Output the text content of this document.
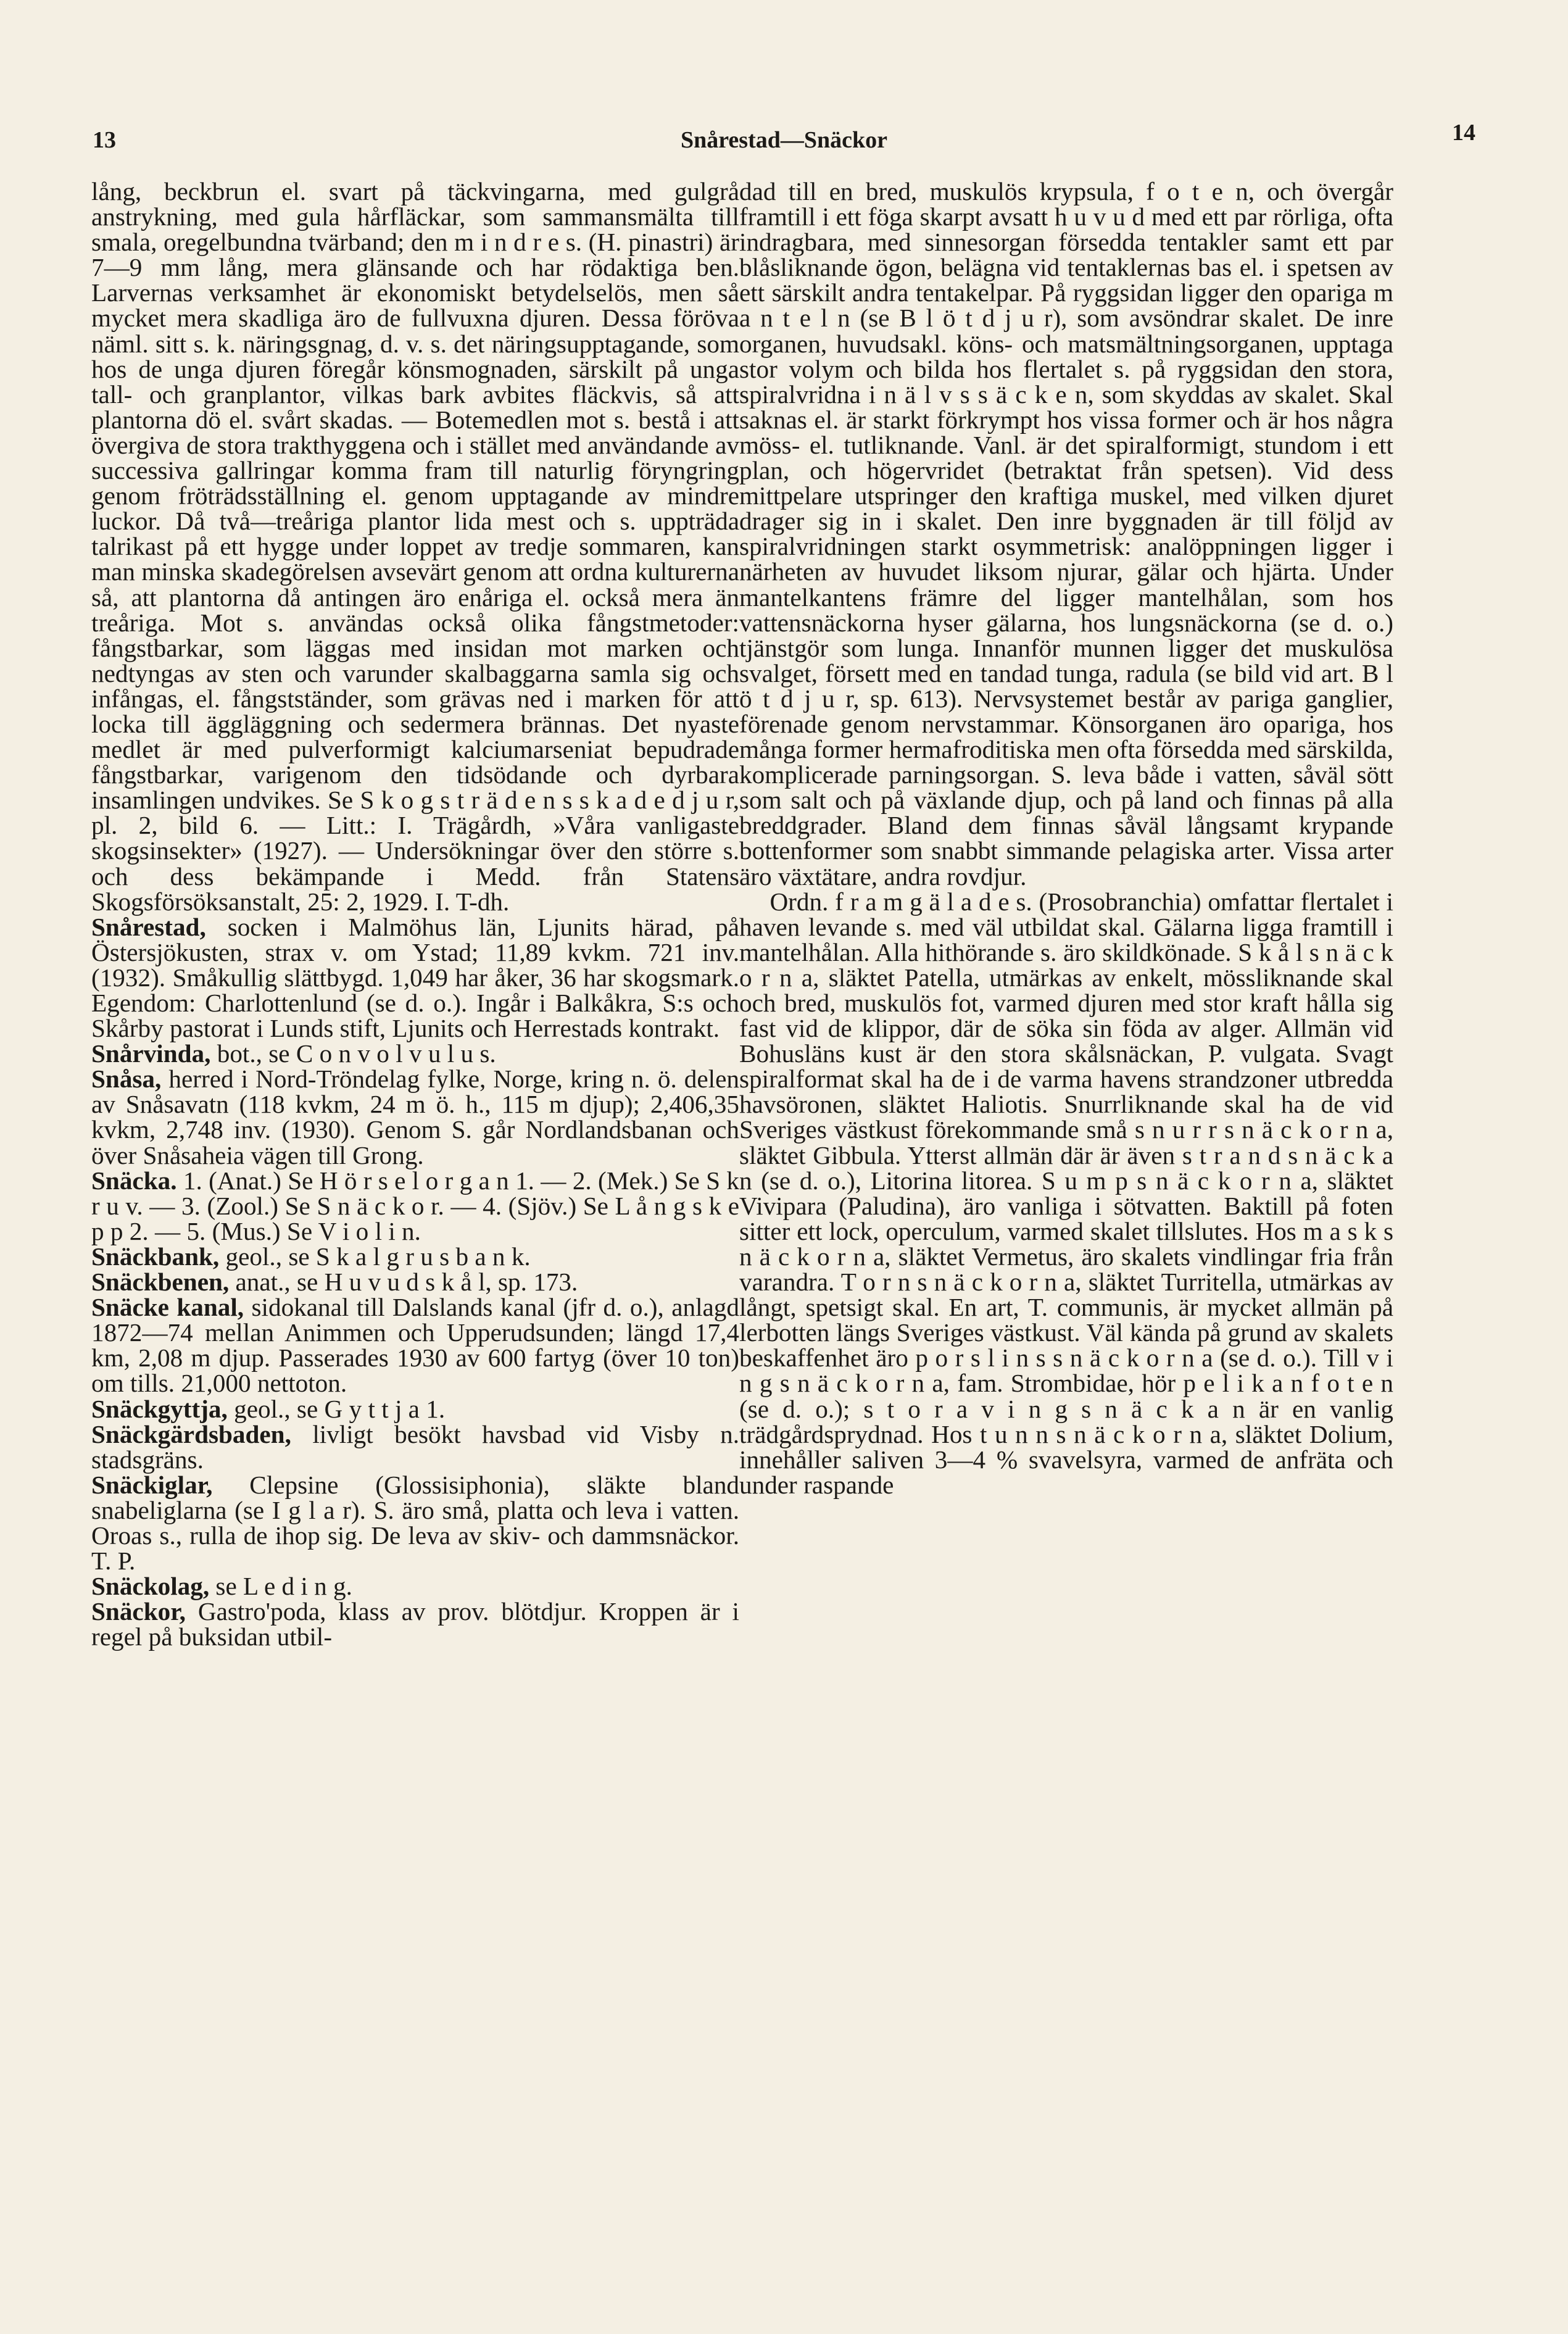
13	Snårestad—Snäckor	14

lång, beckbrun el. svart på täckvingarna, med gulgrå anstrykning, med gula hårfläckar, som sammansmälta till smala, oregelbundna tvärband; den m i n d r e s. (H. pinastri) är 7—9 mm lång, mera glänsande och har rödaktiga ben. Larvernas verksamhet är ekonomiskt betydelselös, men så mycket mera skadliga äro de fullvuxna djuren. Dessa föröva näml. sitt s. k. näringsgnag, d. v. s. det näringsupptagande, som hos de unga djuren föregår könsmognaden, särskilt på unga tall- och granplantor, vilkas bark avbites fläckvis, så att plantorna dö el. svårt skadas. — Botemedlen mot s. bestå i att övergiva de stora trakthyggena och i stället med användande av successiva gallringar komma fram till naturlig föryngring genom fröträdsställning el. genom upptagande av mindre luckor. Då två—treåriga plantor lida mest och s. uppträda talrikast på ett hygge under loppet av tredje sommaren, kan man minska skadegörelsen avsevärt genom att ordna kulturerna så, att plantorna då antingen äro enåriga el. också mera än treåriga. Mot s. användas också olika fångstmetoder: fångstbarkar, som läggas med insidan mot marken och nedtyngas av sten och varunder skalbaggarna samla sig och infångas, el. fångstständer, som grävas ned i marken för att locka till äggläggning och sedermera brännas. Det nyaste medlet är med pulverformigt kalciumarseniat bepudrade fångstbarkar, varigenom den tidsödande och dyrbara insamlingen undvikes. Se S k o g s t r ä d e n s s k a d e d j u r, pl. 2, bild 6. — Litt.: I. Trägårdh, »Våra vanligaste skogsinsekter» (1927). — Undersökningar över den större s. och dess bekämpande i Medd. från Statens Skogsförsöksanstalt, 25: 2, 1929. I. T-dh.

Snårestad, socken i Malmöhus län, Ljunits härad, på Östersjökusten, strax v. om Ystad; 11,89 kvkm. 721 inv. (1932). Småkullig slättbygd. 1,049 har åker, 36 har skogsmark. Egendom: Charlottenlund (se d. o.). Ingår i Balkåkra, S:s och Skårby pastorat i Lunds stift, Ljunits och Herrestads kontrakt.

Snårvinda, bot., se C o n v o l v u l u s.

Snåsa, herred i Nord-Tröndelag fylke, Norge, kring n. ö. delen av Snåsavatn (118 kvkm, 24 m ö. h., 115 m djup); 2,406,35 kvkm, 2,748 inv. (1930). Genom S. går Nordlandsbanan och över Snåsaheia vägen till Grong.

Snäcka. 1. (Anat.) Se H ö r s e l o r g a n 1. — 2. (Mek.) Se S k r u v. — 3. (Zool.) Se S n ä c k o r. — 4. (Sjöv.) Se L å n g s k e p p 2. — 5. (Mus.) Se V i o l i n.

Snäckbank, geol., se S k a l g r u s b a n k.

Snäckbenen, anat., se H u v u d s k å l, sp. 173.

Snäcke kanal, sidokanal till Dalslands kanal (jfr d. o.), anlagd 1872—74 mellan Animmen och Upperudsunden; längd 17,4 km, 2,08 m djup. Passerades 1930 av 600 fartyg (över 10 ton) om tills. 21,000 nettoton.

Snäckgyttja, geol., se G y t t j a 1.

Snäckgärdsbaden, livligt besökt havsbad vid Visby n. stadsgräns.

Snäckiglar, Clepsine (Glossisiphonia), släkte bland snabeliglarna (se I g l a r). S. äro små, platta och leva i vatten. Oroas s., rulla de ihop sig. De leva av skiv- och dammsnäckor. T. P.

Snäckolag, se L e d i n g.

Snäckor, Gastro'poda, klass av prov. blötdjur. Kroppen är i regel på buksidan utbil-

dad till en bred, muskulös krypsula, f o t e n, och övergår framtill i ett föga skarpt avsatt h u v u d med ett par rörliga, ofta indragbara, med sinnesorgan försedda tentakler samt ett par blåsliknande ögon, belägna vid tentaklernas bas el. i spetsen av ett särskilt andra tentakelpar. På ryggsidan ligger den opariga m a n t e l n (se B l ö t d j u r), som avsöndrar skalet. De inre organen, huvudsakl. köns- och matsmältningsorganen, upptaga stor volym och bilda hos flertalet s. på ryggsidan den stora, spiralvridna i n ä l v s s ä c k e n, som skyddas av skalet. Skal saknas el. är starkt förkrympt hos vissa former och är hos några möss- el. tutliknande. Vanl. är det spiralformigt, stundom i ett plan, och högervridet (betraktat från spetsen). Vid dess mittpelare utspringer den kraftiga muskel, med vilken djuret drager sig in i skalet. Den inre byggnaden är till följd av spiralvridningen starkt osymmetrisk: analöppningen ligger i närheten av huvudet liksom njurar, gälar och hjärta. Under mantelkantens främre del ligger mantelhålan, som hos vattensnäckorna hyser gälarna, hos lungsnäckorna (se d. o.) tjänstgör som lunga. Innanför munnen ligger det muskulösa svalget, försett med en tandad tunga, radula (se bild vid art. B l ö t d j u r, sp. 613). Nervsystemet består av pariga ganglier, förenade genom nervstammar. Könsorganen äro opariga, hos många former hermafroditiska men ofta försedda med särskilda, komplicerade parningsorgan. S. leva både i vatten, såväl sött som salt och på växlande djup, och på land och finnas på alla breddgrader. Bland dem finnas såväl långsamt krypande bottenformer som snabbt simmande pelagiska arter. Vissa arter äro växtätare, andra rovdjur.

Ordn. f r a m g ä l a d e s. (Prosobranchia) omfattar flertalet i haven levande s. med väl utbildat skal. Gälarna ligga framtill i mantelhålan. Alla hithörande s. äro skildkönade. S k å l s n ä c k o r n a, släktet Patella, utmärkas av enkelt, mössliknande skal och bred, muskulös fot, varmed djuren med stor kraft hålla sig fast vid de klippor, där de söka sin föda av alger. Allmän vid Bohusläns kust är den stora skålsnäckan, P. vulgata. Svagt spiralformat skal ha de i de varma havens strandzoner utbredda havsöronen, släktet Haliotis. Snurrliknande skal ha de vid Sveriges västkust förekommande små s n u r r s n ä c k o r n a, släktet Gibbula. Ytterst allmän där är även s t r a n d s n ä c k a n (se d. o.), Litorina litorea. S u m p s n ä c k o r n a, släktet Vivipara (Paludina), äro vanliga i sötvatten. Baktill på foten sitter ett lock, operculum, varmed skalet tillslutes. Hos m a s k s n ä c k o r n a, släktet Vermetus, äro skalets vindlingar fria från varandra. T o r n s n ä c k o r n a, släktet Turritella, utmärkas av långt, spetsigt skal. En art, T. communis, är mycket allmän på lerbotten längs Sveriges västkust. Väl kända på grund av skalets beskaffenhet äro p o r s l i n s s n ä c k o r n a (se d. o.). Till v i n g s n ä c k o r n a, fam. Strombidae, hör p e l i k a n f o t e n (se d. o.); s t o r a v i n g s n ä c k a n är en vanlig trädgårdsprydnad. Hos t u n n s n ä c k o r n a, släktet Dolium, innehåller saliven 3—4 % svavelsyra, varmed de anfräta och under raspande
